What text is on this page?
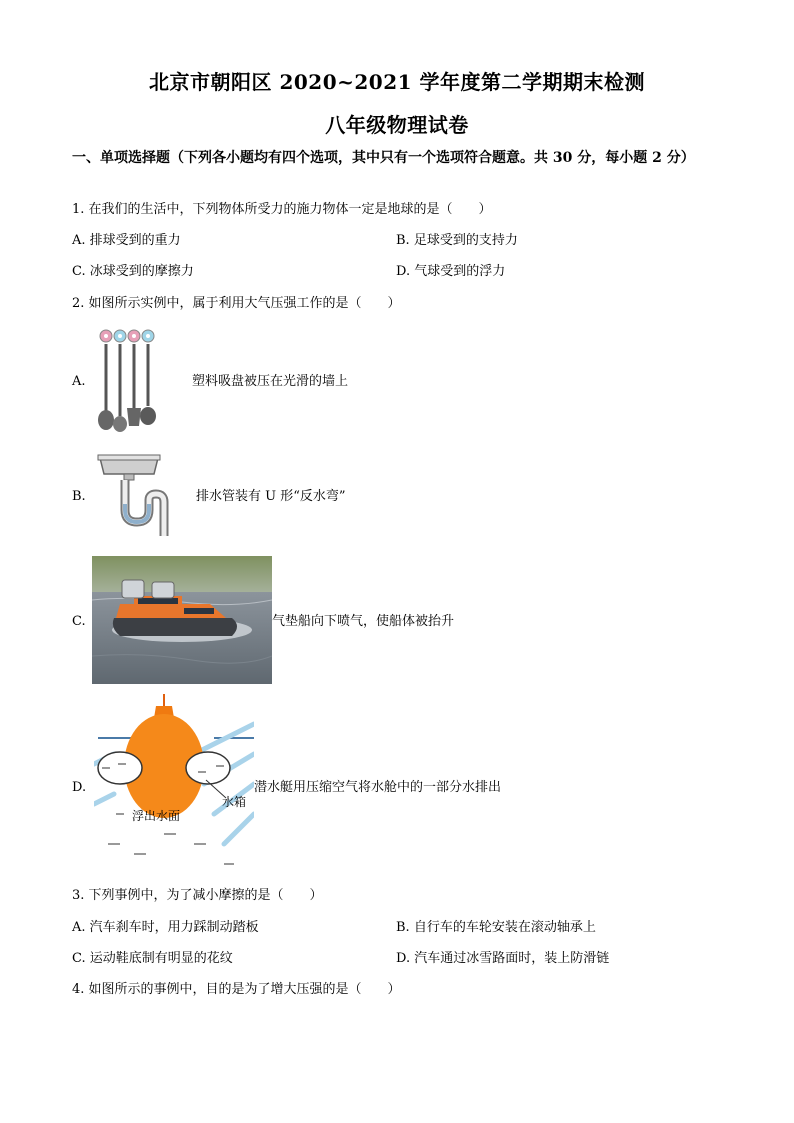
北京市朝阳区 2020~2021 学年度第二学期期末检测
八年级物理试卷
一、单项选择题（下列各小题均有四个选项，其中只有一个选项符合题意。共 30 分，每小题 2 分）
1. 在我们的生活中，下列物体所受力的施力物体一定是地球的是（　　）
A. 排球受到的重力	B. 足球受到的支持力
C. 冰球受到的摩擦力	D. 气球受到的浮力
2. 如图所示实例中，属于利用大气压强工作的是（　　）
A.	塑料吸盘被压在光滑的墙上
B.	排水管装有 U 形“反水弯”
C.	气垫船向下喷气，使船体被抬升
D.
浮出水面
水箱
潜水艇用压缩空气将水舱中的一部分水排出
3. 下列事例中，为了减小摩擦的是（　　）
A. 汽车刹车时，用力踩制动踏板	B. 自行车的车轮安装在滚动轴承上
C. 运动鞋底制有明显的花纹	D. 汽车通过冰雪路面时，装上防滑链
4. 如图所示的事例中，目的是为了增大压强的是（　　）
